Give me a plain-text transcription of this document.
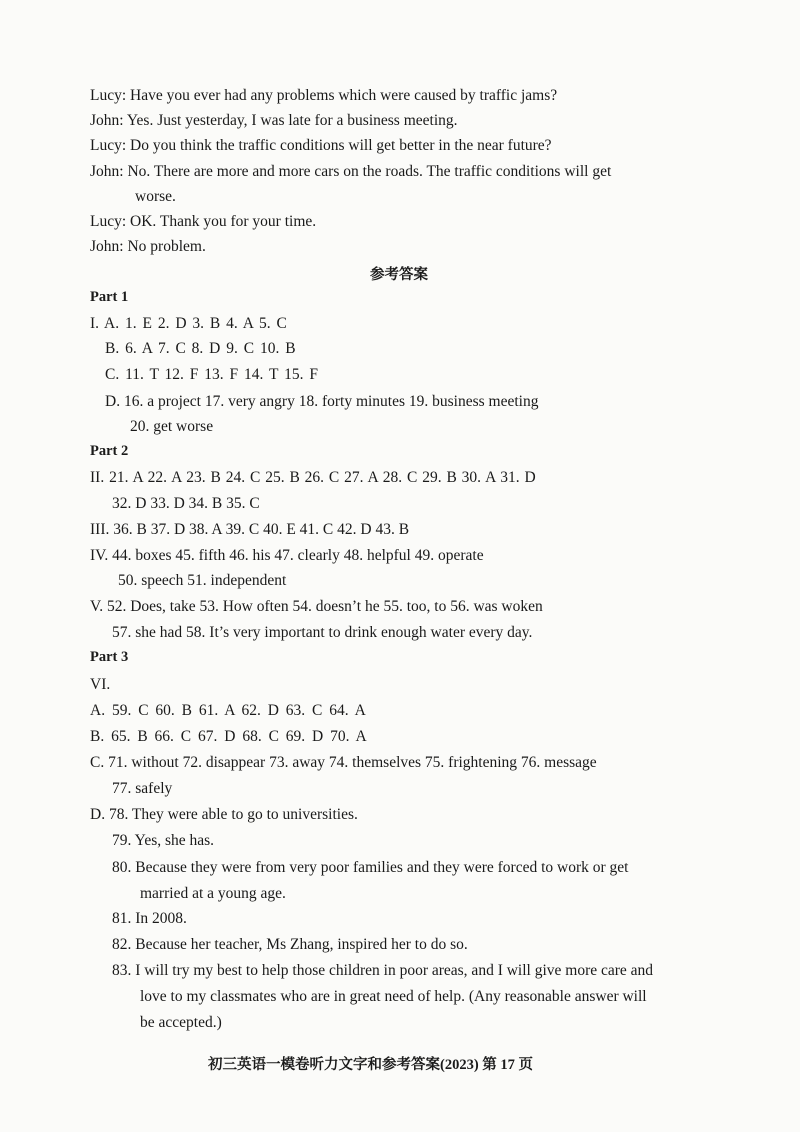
Lucy: Have you ever had any problems which were caused by traffic jams?
John: Yes. Just yesterday, I was late for a business meeting.
Lucy: Do you think the traffic conditions will get better in the near future?
John: No. There are more and more cars on the roads. The traffic conditions will get
worse.
Lucy: OK. Thank you for your time.
John: No problem.
参考答案
Part 1
I. A. 1. E 2. D 3. B 4. A 5. C
B. 6. A 7. C 8. D 9. C 10. B
C. 11. T 12. F 13. F 14. T 15. F
D. 16. a project 17. very angry 18. forty minutes 19. business meeting
20. get worse
Part 2
II. 21. A 22. A 23. B 24. C 25. B 26. C 27. A 28. C 29. B 30. A 31. D
32. D 33. D 34. B 35. C
III. 36. B 37. D 38. A 39. C 40. E 41. C 42. D 43. B
IV. 44. boxes 45. fifth 46. his 47. clearly 48. helpful 49. operate
50. speech 51. independent
V. 52. Does, take 53. How often 54. doesn’t he 55. too, to 56. was woken
57. she had 58. It’s very important to drink enough water every day.
Part 3
VI.
A. 59. C 60. B 61. A 62. D 63. C 64. A
B. 65. B 66. C 67. D 68. C 69. D 70. A
C. 71. without 72. disappear 73. away 74. themselves 75. frightening 76. message
77. safely
D. 78. They were able to go to universities.
79. Yes, she has.
80. Because they were from very poor families and they were forced to work or get
married at a young age.
81. In 2008.
82. Because her teacher, Ms Zhang, inspired her to do so.
83. I will try my best to help those children in poor areas, and I will give more care and
love to my classmates who are in great need of help. (Any reasonable answer will
be accepted.)
初三英语一模卷听力文字和参考答案(2023) 第 17 页
